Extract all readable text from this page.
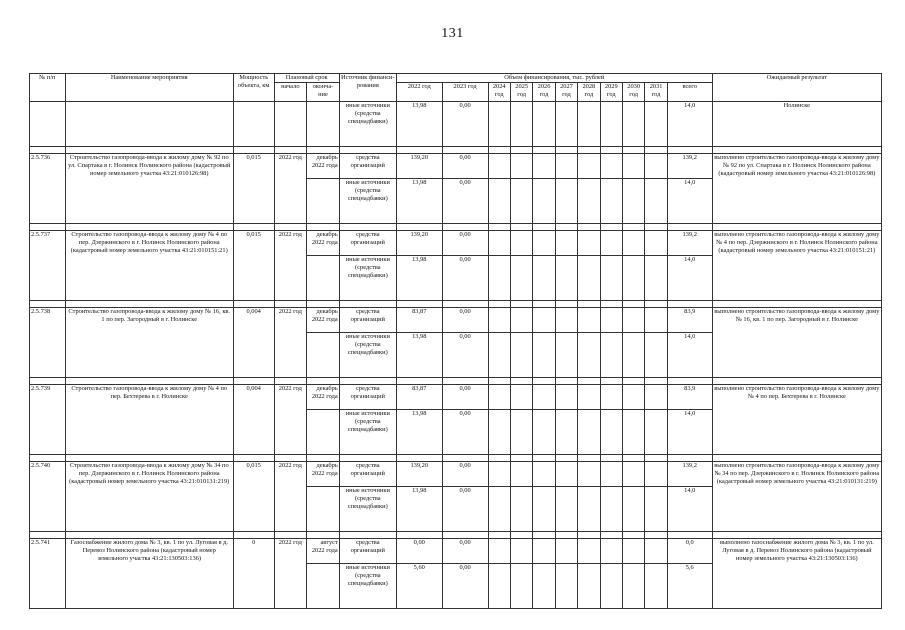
131
№ п/п	Наименование мероприятия	Мощность объекта, км	Плановый срок		Источник финанси-рования	Объем финансирования, тыс. рублей											Ожидаемый результат
			начало	оконча-ние		2022 год	2023 год	2024 год	2025 год	2026 год	2027 год	2028 год	2029 год	2030 год	2031 год	всего	
					иные источники (средства спецнадбавки)	13,98	0,00									14,0	Нолинске

2.5.736	Строительство газопровода-ввода к жилому дому № 92 по ул. Спартака в г. Нолинск Нолинского района (кадастровый номер земельного участка 43:21:010126:98)	0,015	2022 год	декабрь 2022 года	средства организаций	139,20	0,00									139,2	выполнено строительство газопровода-ввода к жилому дому № 92 по ул. Спартака в г. Нолинск Нолинского района (кадастровый номер земельного участка 43:21:010126:98)
					иные источники (средства спецнадбавки)	13,98	0,00									14,0	

2.5.737	Строительство газопровода-ввода к жилому дому № 4 по пер. Дзержинского в г. Нолинск Нолинского района (кадастровый номер земельного участка 43:21:010151:21)	0,015	2022 год	декабрь 2022 года	средства организаций	139,20	0,00									139,2	выполнено строительство газопровода-ввода к жилому дому № 4 по пер. Дзержинского в г. Нолинск Нолинского района (кадастровый номер земельного участка 43:21:010151:21)
					иные источники (средства спецнадбавки)	13,98	0,00									14,0	

2.5.738	Строительство газопровода-ввода к жилому дому № 16, кв. 1 по пер. Загородный в г. Нолинске	0,004	2022 год	декабрь 2022 года	средства организаций	83,87	0,00									83,9	выполнено строительство газопровода-ввода к жилому дому № 16, кв. 1 по пер. Загородный в г. Нолинске
					иные источники (средства спецнадбавки)	13,98	0,00									14,0	

2.5.739	Строительство газопровода-ввода к жилому дому № 4 по пер. Бехтерева в г. Нолинске	0,004	2022 год	декабрь 2022 года	средства организаций	83,87	0,00									83,9	выполнено строительство газопровода-ввода к жилому дому № 4 по пер. Бехтерева в г. Нолинске
					иные источники (средства спецнадбавки)	13,98	0,00									14,0	

2.5.740	Строительство газопровода-ввода к жилому дому № 34 по пер. Дзержинского в г. Нолинск Нолинского района (кадастровый номер земельного участка 43:21:010131:219)	0,015	2022 год	декабрь 2022 года	средства организаций	139,20	0,00									139,2	выполнено строительство газопровода-ввода к жилому дому № 34 по пер. Дзержинского в г. Нолинск Нолинского района (кадастровый номер земельного участка 43:21:010131:219)
					иные источники (средства спецнадбавки)	13,98	0,00									14,0	

2.5.741	Газоснабжение жилого дома № 3, кв. 1 по ул. Луговая в д. Перевоз Нолинского района (кадастровый номер земельного участка 43:21:130503:136)	0	2022 год	август 2022 года	средства организаций	0,00	0,00									0,0	выполнено газоснабжение жилого дома № 3, кв. 1 по ул. Луговая в д. Перевоз Нолинского района (кадастровый номер земельного участка 43:21:130503:136)
					иные источники (средства спецнадбавки)	5,60	0,00									5,6	
